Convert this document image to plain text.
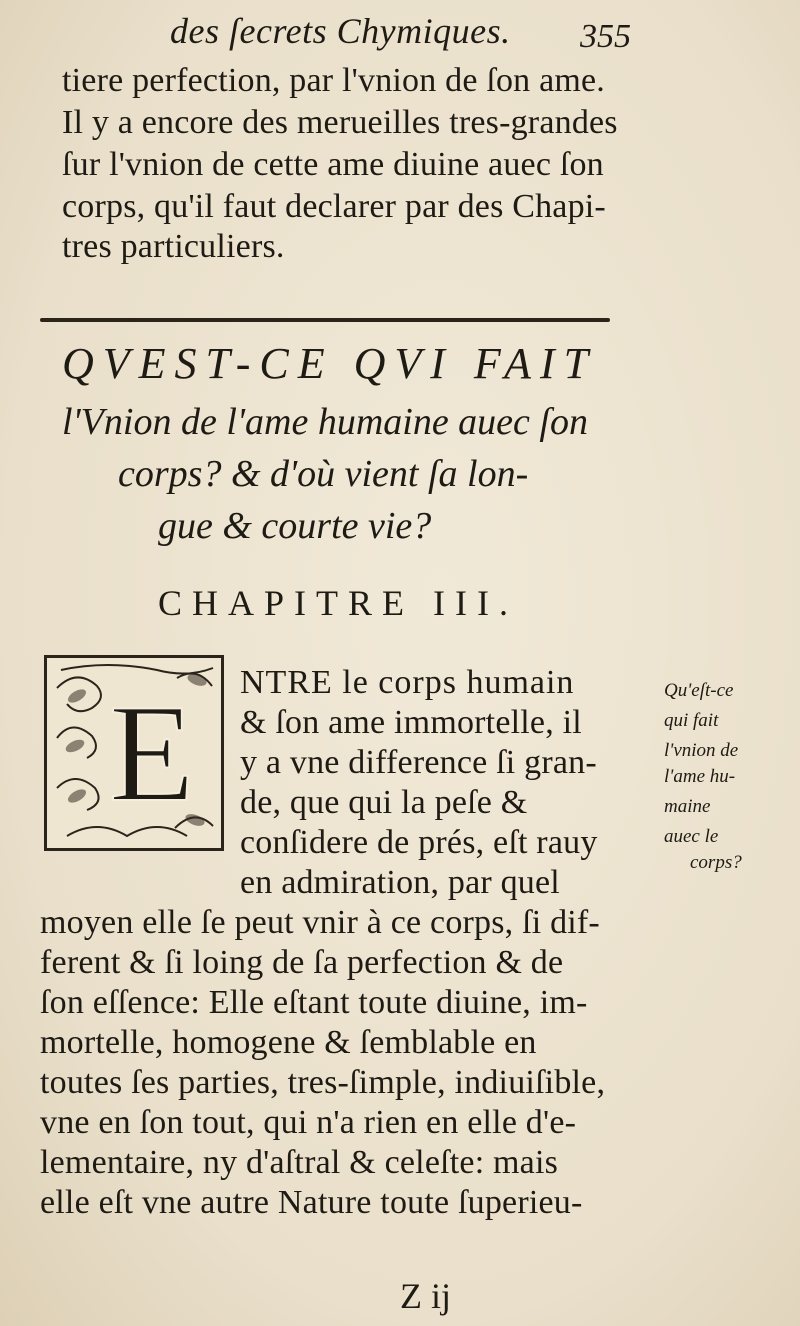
des ſecrets Chymiques. 355
tiere perfection, par l'vnion de ſon ame.
Il y a encore des merueilles tres-grandes
ſur l'vnion de cette ame diuine auec ſon
corps, qu'il faut declarer par des Chapi-
tres particuliers.
QVEST-CE QVI FAIT
l'Vnion de l'ame humaine auec ſon
corps? & d'où vient ſa lon-
gue & courte vie?
CHAPITRE III.
E NTRE le corps humain
& ſon ame immortelle, il
y a vne difference ſi gran-
de, que qui la peſe &
conſidere de prés, eſt rauy
en admiration, par quel
Qu'eſt-ce
qui fait
l'vnion de
l'ame hu-
maine
auec le
corps?
moyen elle ſe peut vnir à ce corps, ſi dif-
ferent & ſi loing de ſa perfection & de
ſon eſſence: Elle eſtant toute diuine, im-
mortelle, homogene & ſemblable en
toutes ſes parties, tres-ſimple, indiuiſible,
vne en ſon tout, qui n'a rien en elle d'e-
lementaire, ny d'aſtral & celeſte: mais
elle eſt vne autre Nature toute ſuperieu-
Z ij
